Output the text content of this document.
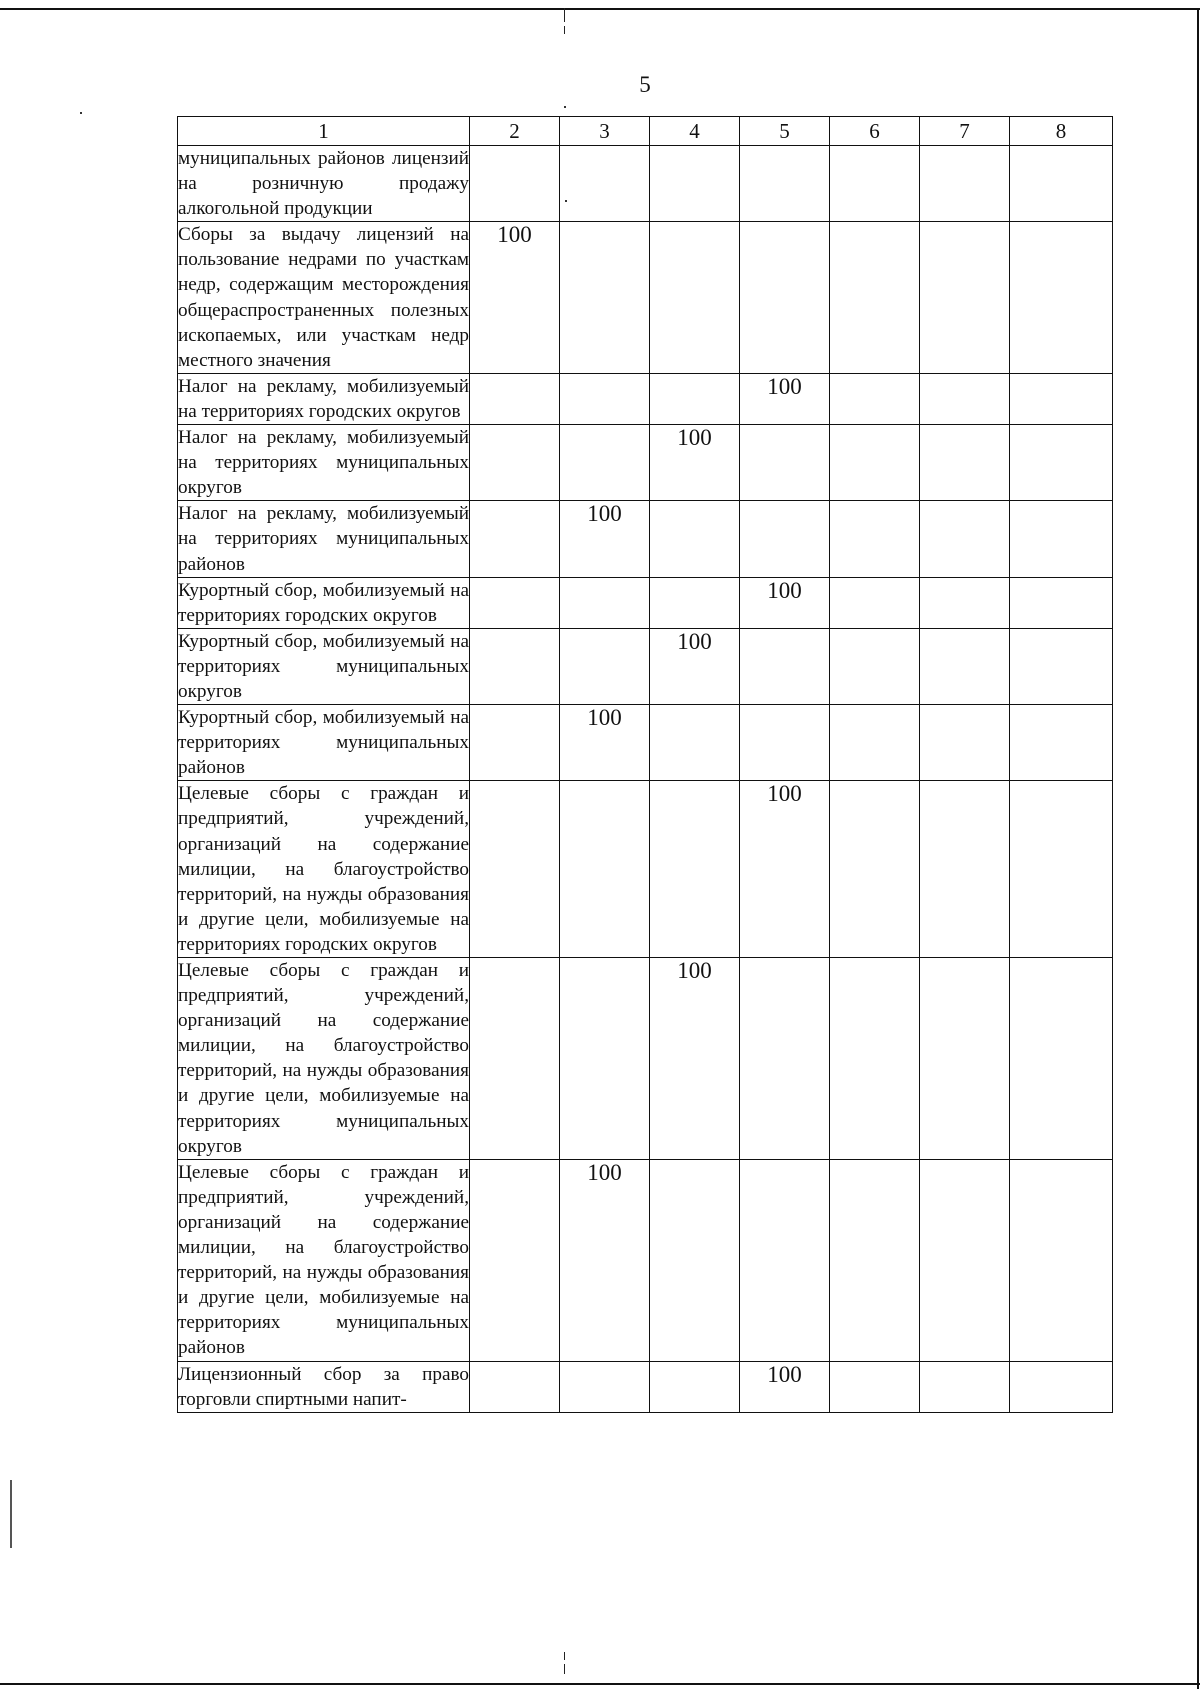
5
1	2	3	4	5	6	7	8
муниципальных районов лицензий на розничную продажу алкогольной продукции							
Сборы за выдачу лицензий на пользование недрами по участкам недр, содержащим месторождения общераспространенных полезных ископаемых, или участкам недр местного значения	100						
Налог на рекламу, мобилизуемый на территориях городских округов				100			
Налог на рекламу, мобилизуемый на территориях муниципальных округов			100				
Налог на рекламу, мобилизуемый на территориях муниципальных районов		100					
Курортный сбор, мобилизуемый на территориях городских округов				100			
Курортный сбор, мобилизуемый на территориях муниципальных округов			100				
Курортный сбор, мобилизуемый на территориях муниципальных районов		100					
Целевые сборы с граждан и предприятий, учреждений, организаций на содержание милиции, на благоустройство территорий, на нужды образования и другие цели, мобилизуемые на территориях городских округов				100			
Целевые сборы с граждан и предприятий, учреждений, организаций на содержание милиции, на благоустройство территорий, на нужды образования и другие цели, мобилизуемые на территориях муниципальных округов			100				
Целевые сборы с граждан и предприятий, учреждений, организаций на содержание милиции, на благоустройство территорий, на нужды образования и другие цели, мобилизуемые на территориях муниципальных районов		100					
Лицензионный сбор за право торговли спиртными напит-				100			
